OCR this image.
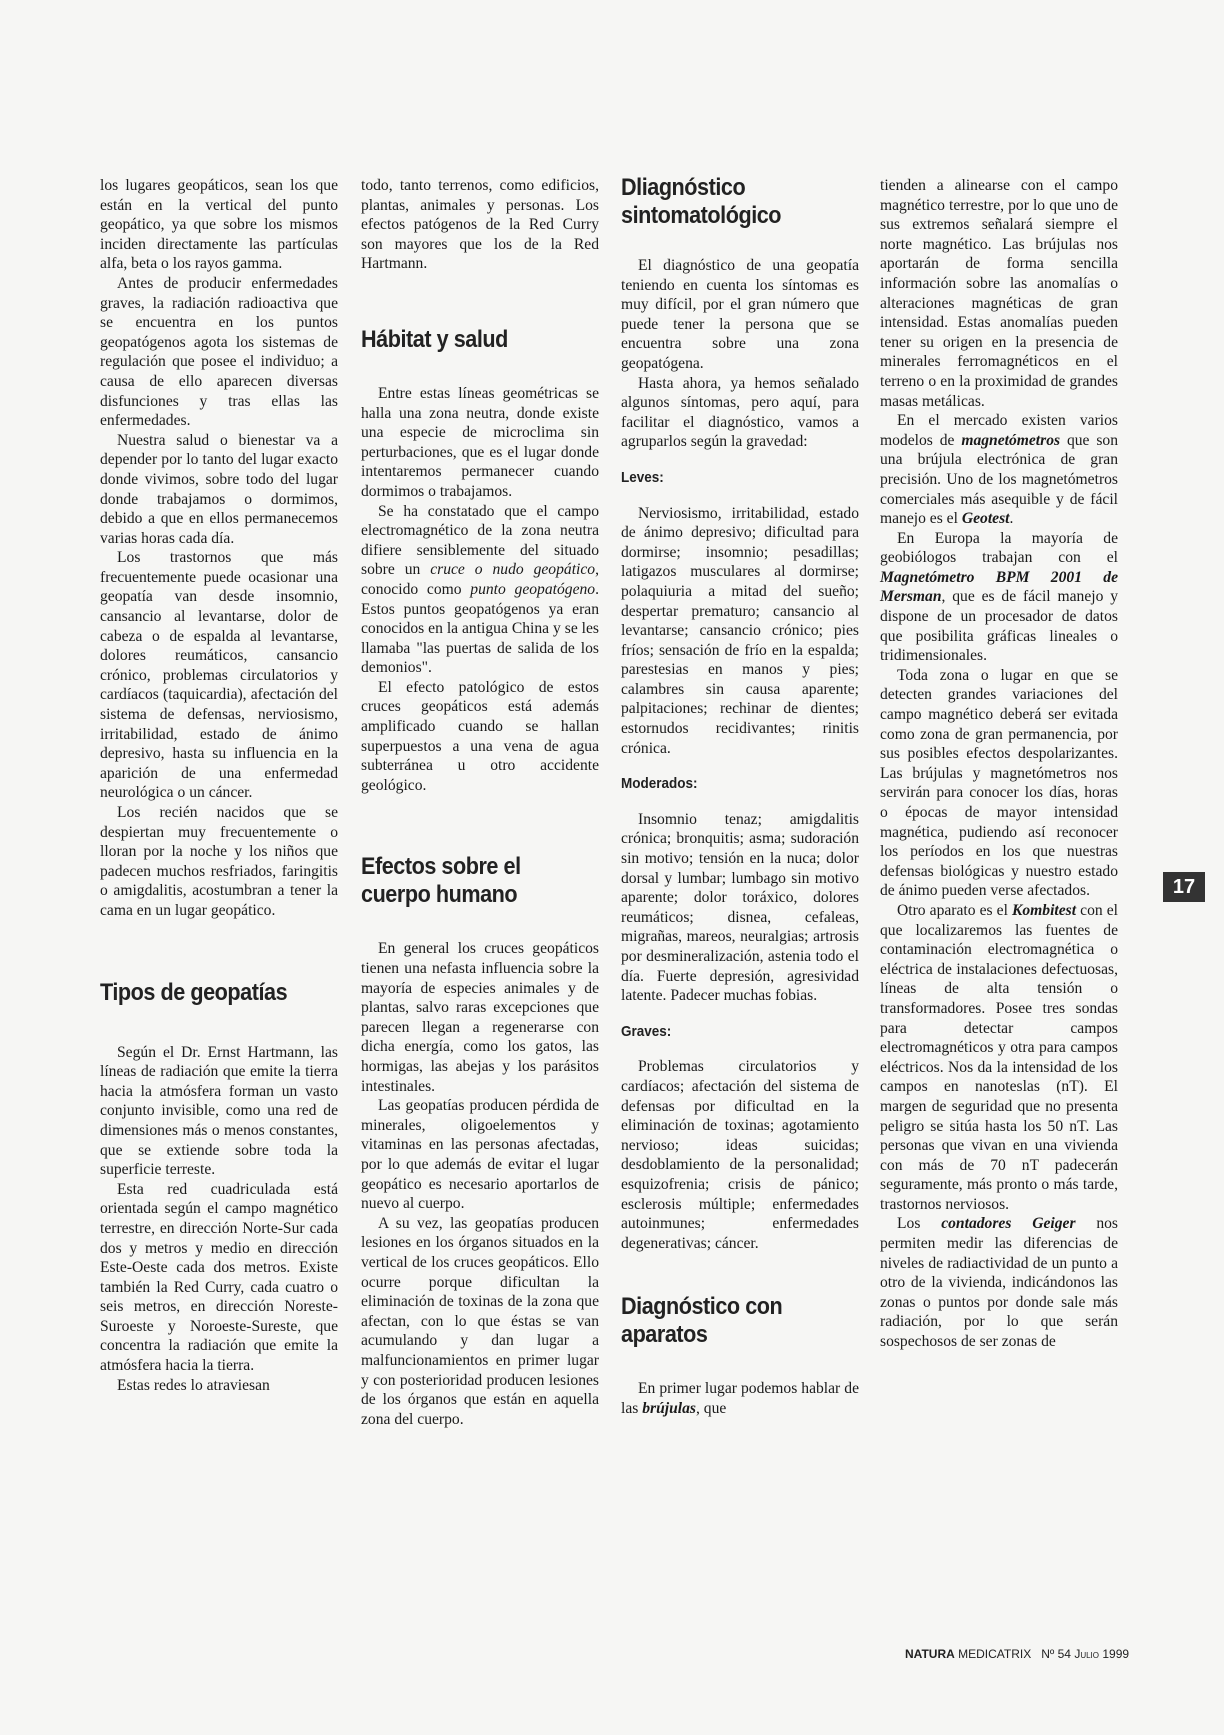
los lugares geopáticos, sean los que están en la vertical del punto geopático, ya que sobre los mismos inciden directamente las partículas alfa, beta o los rayos gamma.

Antes de producir enfermedades graves, la radiación radioactiva que se encuentra en los puntos geopatógenos agota los sistemas de regulación que posee el individuo; a causa de ello aparecen diversas disfunciones y tras ellas las enfermedades.

Nuestra salud o bienestar va a depender por lo tanto del lugar exacto donde vivimos, sobre todo del lugar donde trabajamos o dormimos, debido a que en ellos permanecemos varias horas cada día.

Los trastornos que más frecuentemente puede ocasionar una geopatía van desde insomnio, cansancio al levantarse, dolor de cabeza o de espalda al levantarse, dolores reumáticos, cansancio crónico, problemas circulatorios y cardíacos (taquicardia), afectación del sistema de defensas, nerviosismo, irritabilidad, estado de ánimo depresivo, hasta su influencia en la aparición de una enfermedad neurológica o un cáncer.

Los recién nacidos que se despiertan muy frecuentemente o lloran por la noche y los niños que padecen muchos resfriados, faringitis o amigdalitis, acostumbran a tener la cama en un lugar geopático.

Tipos de geopatías

Según el Dr. Ernst Hartmann, las líneas de radiación que emite la tierra hacia la atmósfera forman un vasto conjunto invisible, como una red de dimensiones más o menos constantes, que se extiende sobre toda la superficie terreste.

Esta red cuadriculada está orientada según el campo magnético terrestre, en dirección Norte-Sur cada dos y metros y medio en dirección Este-Oeste cada dos metros. Existe también la Red Curry, cada cuatro o seis metros, en dirección Noreste-Suroeste y Noroeste-Sureste, que concentra la radiación que emite la atmósfera hacia la tierra.

Estas redes lo atraviesan

todo, tanto terrenos, como edificios, plantas, animales y personas. Los efectos patógenos de la Red Curry son mayores que los de la Red Hartmann.

Hábitat y salud

Entre estas líneas geométricas se halla una zona neutra, donde existe una especie de microclima sin perturbaciones, que es el lugar donde intentaremos permanecer cuando dormimos o trabajamos.

Se ha constatado que el campo electromagnético de la zona neutra difiere sensiblemente del situado sobre un cruce o nudo geopático, conocido como punto geopatógeno. Estos puntos geopatógenos ya eran conocidos en la antigua China y se les llamaba "las puertas de salida de los demonios".

El efecto patológico de estos cruces geopáticos está además amplificado cuando se hallan superpuestos a una vena de agua subterránea u otro accidente geológico.

Efectos sobre el cuerpo humano

En general los cruces geopáticos tienen una nefasta influencia sobre la mayoría de especies animales y de plantas, salvo raras excepciones que parecen llegan a regenerarse con dicha energía, como los gatos, las hormigas, las abejas y los parásitos intestinales.

Las geopatías producen pérdida de minerales, oligoelementos y vitaminas en las personas afectadas, por lo que además de evitar el lugar geopático es necesario aportarlos de nuevo al cuerpo.

A su vez, las geopatías producen lesiones en los órganos situados en la vertical de los cruces geopáticos. Ello ocurre porque dificultan la eliminación de toxinas de la zona que afectan, con lo que éstas se van acumulando y dan lugar a malfuncionamientos en primer lugar y con posterioridad producen lesiones de los órganos que están en aquella zona del cuerpo.

Dliagnóstico sintomatológico

El diagnóstico de una geopatía teniendo en cuenta los síntomas es muy difícil, por el gran número que puede tener la persona que se encuentra sobre una zona geopatógena.

Hasta ahora, ya hemos señalado algunos síntomas, pero aquí, para facilitar el diagnóstico, vamos a agruparlos según la gravedad:

Leves:

Nerviosismo, irritabilidad, estado de ánimo depresivo; dificultad para dormirse; insomnio; pesadillas; latigazos musculares al dormirse; polaquiuria a mitad del sueño; despertar prematuro; cansancio al levantarse; cansancio crónico; pies fríos; sensación de frío en la espalda; parestesias en manos y pies; calambres sin causa aparente; palpitaciones; rechinar de dientes; estornudos recidivantes; rinitis crónica.

Moderados:

Insomnio tenaz; amigdalitis crónica; bronquitis; asma; sudoración sin motivo; tensión en la nuca; dolor dorsal y lumbar; lumbago sin motivo aparente; dolor toráxico, dolores reumáticos; disnea, cefaleas, migrañas, mareos, neuralgias; artrosis por desmineralización, astenia todo el día. Fuerte depresión, agresividad latente. Padecer muchas fobias.

Graves:

Problemas circulatorios y cardíacos; afectación del sistema de defensas por dificultad en la eliminación de toxinas; agotamiento nervioso; ideas suicidas; desdoblamiento de la personalidad; esquizofrenia; crisis de pánico; esclerosis múltiple; enfermedades autoinmunes; enfermedades degenerativas; cáncer.

Diagnóstico con aparatos

En primer lugar podemos hablar de las brújulas, que

tienden a alinearse con el campo magnético terrestre, por lo que uno de sus extremos señalará siempre el norte magnético. Las brújulas nos aportarán de forma sencilla información sobre las anomalías o alteraciones magnéticas de gran intensidad. Estas anomalías pueden tener su origen en la presencia de minerales ferromagnéticos en el terreno o en la proximidad de grandes masas metálicas.

En el mercado existen varios modelos de magnetómetros que son una brújula electrónica de gran precisión. Uno de los magnetómetros comerciales más asequible y de fácil manejo es el Geotest.

En Europa la mayoría de geobiólogos trabajan con el Magnetómetro BPM 2001 de Mersman, que es de fácil manejo y dispone de un procesador de datos que posibilita gráficas lineales o tridimensionales.

Toda zona o lugar en que se detecten grandes variaciones del campo magnético deberá ser evitada como zona de gran permanencia, por sus posibles efectos despolarizantes. Las brújulas y magnetómetros nos servirán para conocer los días, horas o épocas de mayor intensidad magnética, pudiendo así reconocer los períodos en los que nuestras defensas biológicas y nuestro estado de ánimo pueden verse afectados.

Otro aparato es el Kombitest con el que localizaremos las fuentes de contaminación electromagnética o eléctrica de instalaciones defectuosas, líneas de alta tensión o transformadores. Posee tres sondas para detectar campos electromagnéticos y otra para campos eléctricos. Nos da la intensidad de los campos en nanoteslas (nT). El margen de seguridad que no presenta peligro se sitúa hasta los 50 nT. Las personas que vivan en una vivienda con más de 70 nT padecerán seguramente, más pronto o más tarde, trastornos nerviosos.

Los contadores Geiger nos permiten medir las diferencias de niveles de radiactividad de un punto a otro de la vivienda, indicándonos las zonas o puntos por donde sale más radiación, por lo que serán sospechosos de ser zonas de

17
NATURA MEDICATRIX Nº 54 Julio 1999
